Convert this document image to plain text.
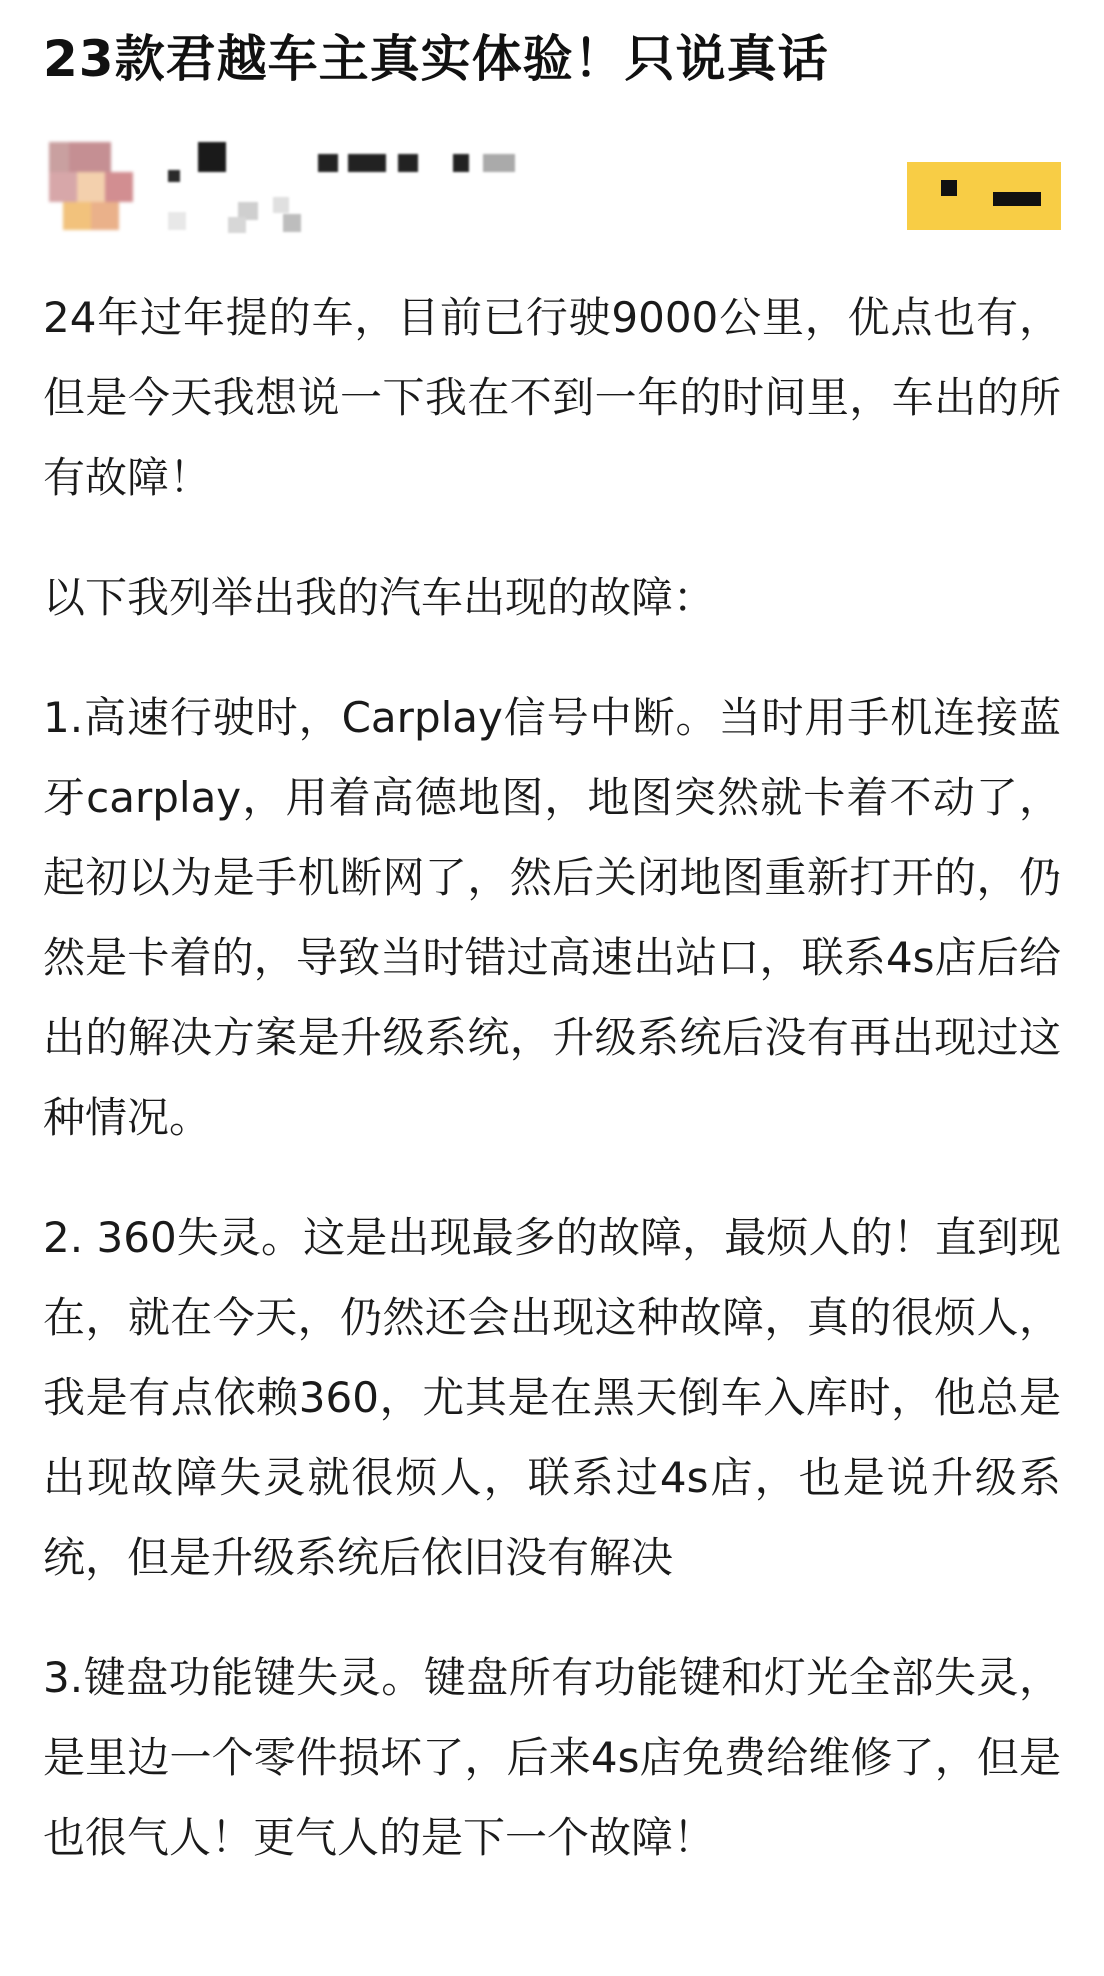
23款君越车主真实体验！只说真话

24年过年提的车，目前已行驶9000公里，优点也有，但是今天我想说一下我在不到一年的时间里，车出的所有故障！

以下我列举出我的汽车出现的故障：

1.高速行驶时，Carplay信号中断。当时用手机连接蓝牙carplay，用着高德地图，地图突然就卡着不动了，起初以为是手机断网了，然后关闭地图重新打开的，仍然是卡着的，导致当时错过高速出站口，联系4s店后给出的解决方案是升级系统，升级系统后没有再出现过这种情况。

2. 360失灵。这是出现最多的故障，最烦人的！直到现在，就在今天，仍然还会出现这种故障，真的很烦人，我是有点依赖360，尤其是在黑天倒车入库时，他总是出现故障失灵就很烦人，联系过4s店，也是说升级系统，但是升级系统后依旧没有解决

3.键盘功能键失灵。键盘所有功能键和灯光全部失灵，是里边一个零件损坏了，后来4s店免费给维修了，但是也很气人！更气人的是下一个故障！
